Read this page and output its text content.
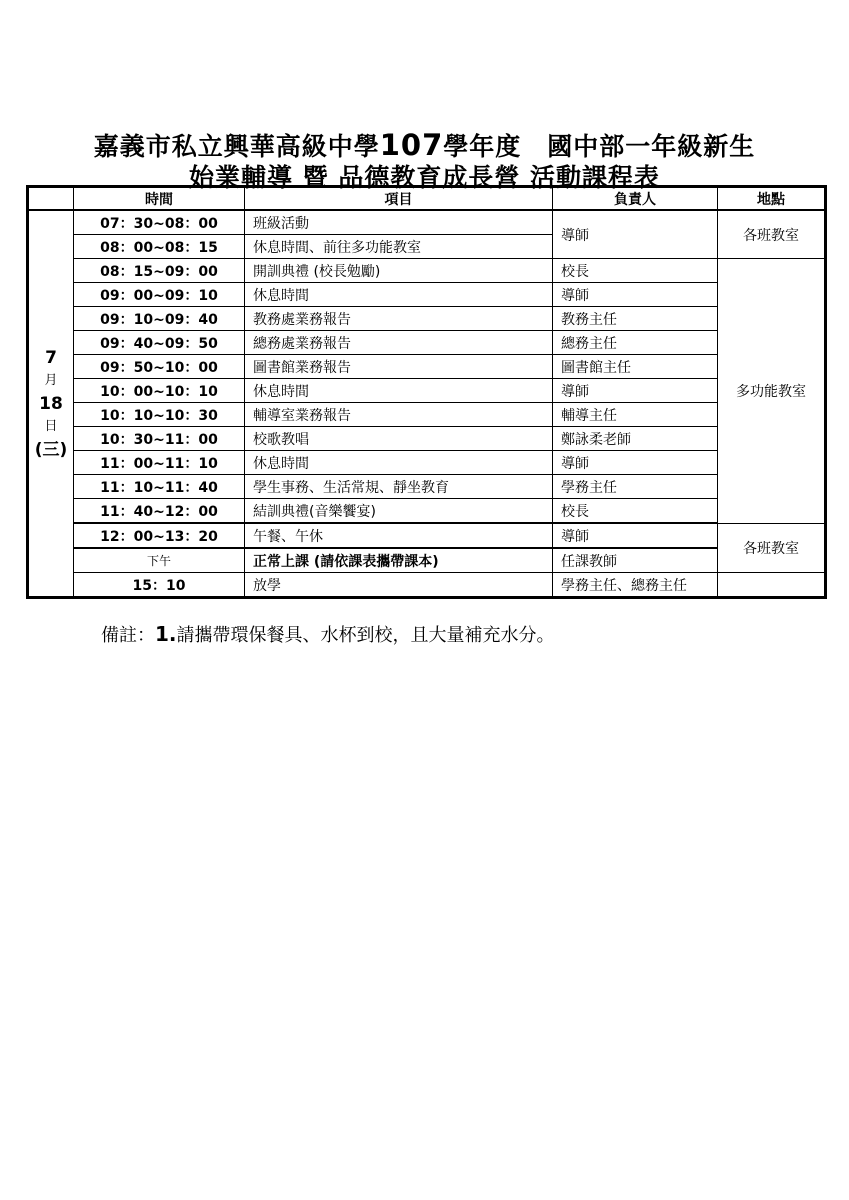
嘉義市私立興華高級中學107學年度　國中部一年級新生
始業輔導 暨 品德教育成長營 活動課程表
	時間	項目	負責人	地點

7
月
18
日
(三)	07：30~08：00	班級活動	導師	各班教室
	08：00~08：15	休息時間、前往多功能教室		
	08：15~09：00	開訓典禮 (校長勉勵)	校長	多功能教室
	09：00~09：10	休息時間	導師	
	09：10~09：40	教務處業務報告	教務主任	
	09：40~09：50	總務處業務報告	總務主任	
	09：50~10：00	圖書館業務報告	圖書館主任	
	10：00~10：10	休息時間	導師	
	10：10~10：30	輔導室業務報告	輔導主任	
	10：30~11：00	校歌教唱	鄭詠柔老師	
	11：00~11：10	休息時間	導師	
	11：10~11：40	學生事務、生活常規、靜坐教育	學務主任	
	11：40~12：00	結訓典禮(音樂饗宴)	校長	
	12：00~13：20	午餐、午休	導師	各班教室
	下午	正常上課 (請依課表攜帶課本)	任課教師	
	15：10	放學	學務主任、總務主任	
備註：1.請攜帶環保餐具、水杯到校，且大量補充水分。
